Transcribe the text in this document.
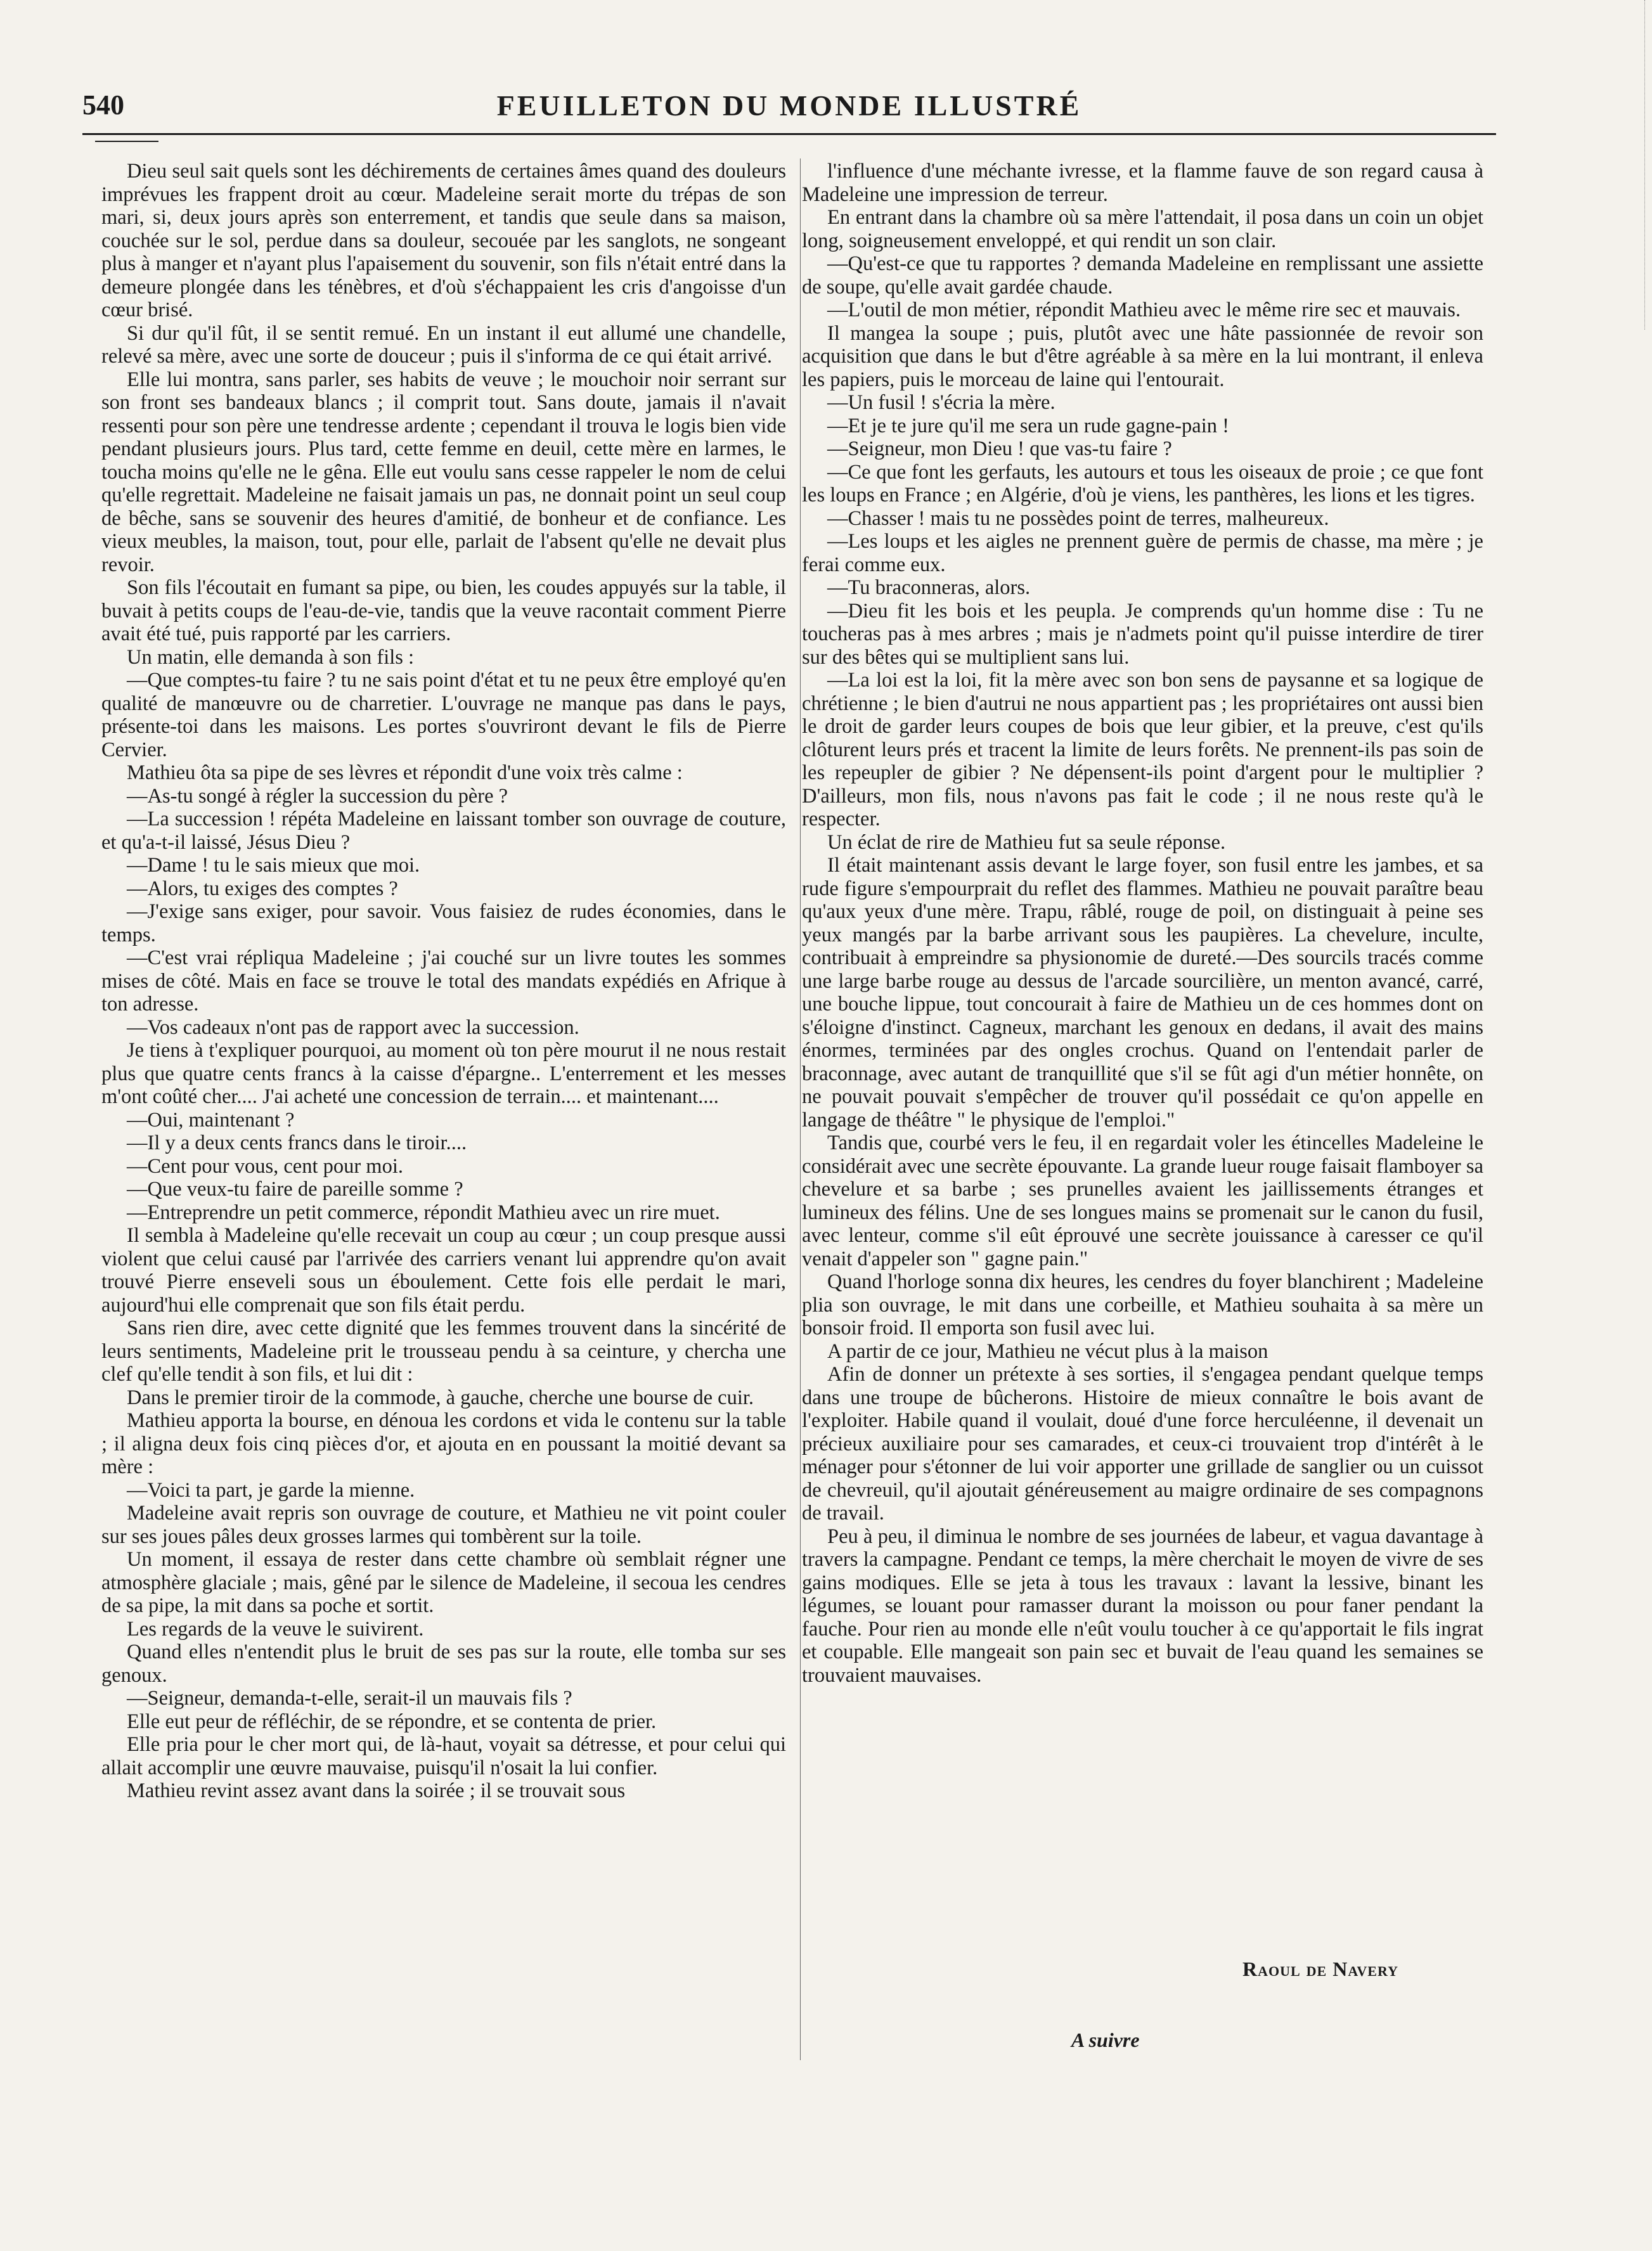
540	FEUILLETON DU MONDE ILLUSTRÉ

Dieu seul sait quels sont les déchirements de certaines âmes quand des douleurs imprévues les frappent droit au cœur. Madeleine serait morte du trépas de son mari, si, deux jours après son enterrement, et tandis que seule dans sa maison, couchée sur le sol, perdue dans sa douleur, secouée par les sanglots, ne songeant plus à manger et n'ayant plus l'apaisement du souvenir, son fils n'était entré dans la demeure plongée dans les ténèbres, et d'où s'échappaient les cris d'angoisse d'un cœur brisé.

Si dur qu'il fût, il se sentit remué. En un instant il eut allumé une chandelle, relevé sa mère, avec une sorte de douceur ; puis il s'informa de ce qui était arrivé.

Elle lui montra, sans parler, ses habits de veuve ; le mouchoir noir serrant sur son front ses bandeaux blancs ; il comprit tout. Sans doute, jamais il n'avait ressenti pour son père une tendresse ardente ; cependant il trouva le logis bien vide pendant plusieurs jours. Plus tard, cette femme en deuil, cette mère en larmes, le toucha moins qu'elle ne le gêna. Elle eut voulu sans cesse rappeler le nom de celui qu'elle regrettait. Madeleine ne faisait jamais un pas, ne donnait point un seul coup de bêche, sans se souvenir des heures d'amitié, de bonheur et de confiance. Les vieux meubles, la maison, tout, pour elle, parlait de l'absent qu'elle ne devait plus revoir.

Son fils l'écoutait en fumant sa pipe, ou bien, les coudes appuyés sur la table, il buvait à petits coups de l'eau-de-vie, tandis que la veuve racontait comment Pierre avait été tué, puis rapporté par les carriers.

Un matin, elle demanda à son fils :

—Que comptes-tu faire ? tu ne sais point d'état et tu ne peux être employé qu'en qualité de manœuvre ou de charretier. L'ouvrage ne manque pas dans le pays, présente-toi dans les maisons. Les portes s'ouvriront devant le fils de Pierre Cervier.

Mathieu ôta sa pipe de ses lèvres et répondit d'une voix très calme :

—As-tu songé à régler la succession du père ?

—La succession ! répéta Madeleine en laissant tomber son ouvrage de couture, et qu'a-t-il laissé, Jésus Dieu ?

—Dame ! tu le sais mieux que moi.

—Alors, tu exiges des comptes ?

—J'exige sans exiger, pour savoir. Vous faisiez de rudes économies, dans le temps.

—C'est vrai répliqua Madeleine ; j'ai couché sur un livre toutes les sommes mises de côté. Mais en face se trouve le total des mandats expédiés en Afrique à ton adresse.

—Vos cadeaux n'ont pas de rapport avec la succession.

Je tiens à t'expliquer pourquoi, au moment où ton père mourut il ne nous restait plus que quatre cents francs à la caisse d'épargne.. L'enterrement et les messes m'ont coûté cher.... J'ai acheté une concession de terrain.... et maintenant....

—Oui, maintenant ?

—Il y a deux cents francs dans le tiroir....

—Cent pour vous, cent pour moi.

—Que veux-tu faire de pareille somme ?

—Entreprendre un petit commerce, répondit Mathieu avec un rire muet.

Il sembla à Madeleine qu'elle recevait un coup au cœur ; un coup presque aussi violent que celui causé par l'arrivée des carriers venant lui apprendre qu'on avait trouvé Pierre enseveli sous un éboulement. Cette fois elle perdait le mari, aujourd'hui elle comprenait que son fils était perdu.

Sans rien dire, avec cette dignité que les femmes trouvent dans la sincérité de leurs sentiments, Madeleine prit le trousseau pendu à sa ceinture, y chercha une clef qu'elle tendit à son fils, et lui dit :

Dans le premier tiroir de la commode, à gauche, cherche une bourse de cuir.

Mathieu apporta la bourse, en dénoua les cordons et vida le contenu sur la table ; il aligna deux fois cinq pièces d'or, et ajouta en en poussant la moitié devant sa mère :

—Voici ta part, je garde la mienne.

Madeleine avait repris son ouvrage de couture, et Mathieu ne vit point couler sur ses joues pâles deux grosses larmes qui tombèrent sur la toile.

Un moment, il essaya de rester dans cette chambre où semblait régner une atmosphère glaciale ; mais, gêné par le silence de Madeleine, il secoua les cendres de sa pipe, la mit dans sa poche et sortit.

Les regards de la veuve le suivirent.

Quand elles n'entendit plus le bruit de ses pas sur la route, elle tomba sur ses genoux.

—Seigneur, demanda-t-elle, serait-il un mauvais fils ?

Elle eut peur de réfléchir, de se répondre, et se contenta de prier.

Elle pria pour le cher mort qui, de là-haut, voyait sa détresse, et pour celui qui allait accomplir une œuvre mauvaise, puisqu'il n'osait la lui confier.

Mathieu revint assez avant dans la soirée ; il se trouvait sous

l'influence d'une méchante ivresse, et la flamme fauve de son regard causa à Madeleine une impression de terreur.

En entrant dans la chambre où sa mère l'attendait, il posa dans un coin un objet long, soigneusement enveloppé, et qui rendit un son clair.

—Qu'est-ce que tu rapportes ? demanda Madeleine en remplissant une assiette de soupe, qu'elle avait gardée chaude.

—L'outil de mon métier, répondit Mathieu avec le même rire sec et mauvais.

Il mangea la soupe ; puis, plutôt avec une hâte passionnée de revoir son acquisition que dans le but d'être agréable à sa mère en la lui montrant, il enleva les papiers, puis le morceau de laine qui l'entourait.

—Un fusil ! s'écria la mère.

—Et je te jure qu'il me sera un rude gagne-pain !

—Seigneur, mon Dieu ! que vas-tu faire ?

—Ce que font les gerfauts, les autours et tous les oiseaux de proie ; ce que font les loups en France ; en Algérie, d'où je viens, les panthères, les lions et les tigres.

—Chasser ! mais tu ne possèdes point de terres, malheureux.

—Les loups et les aigles ne prennent guère de permis de chasse, ma mère ; je ferai comme eux.

—Tu braconneras, alors.

—Dieu fit les bois et les peupla. Je comprends qu'un homme dise : Tu ne toucheras pas à mes arbres ; mais je n'admets point qu'il puisse interdire de tirer sur des bêtes qui se multiplient sans lui.

—La loi est la loi, fit la mère avec son bon sens de paysanne et sa logique de chrétienne ; le bien d'autrui ne nous appartient pas ; les propriétaires ont aussi bien le droit de garder leurs coupes de bois que leur gibier, et la preuve, c'est qu'ils clôturent leurs prés et tracent la limite de leurs forêts. Ne prennent-ils pas soin de les repeupler de gibier ? Ne dépensent-ils point d'argent pour le multiplier ? D'ailleurs, mon fils, nous n'avons pas fait le code ; il ne nous reste qu'à le respecter.

Un éclat de rire de Mathieu fut sa seule réponse.

Il était maintenant assis devant le large foyer, son fusil entre les jambes, et sa rude figure s'empourprait du reflet des flammes. Mathieu ne pouvait paraître beau qu'aux yeux d'une mère. Trapu, râblé, rouge de poil, on distinguait à peine ses yeux mangés par la barbe arrivant sous les paupières. La chevelure, inculte, contribuait à empreindre sa physionomie de dureté.—Des sourcils tracés comme une large barbe rouge au dessus de l'arcade sourcilière, un menton avancé, carré, une bouche lippue, tout concourait à faire de Mathieu un de ces hommes dont on s'éloigne d'instinct. Cagneux, marchant les genoux en dedans, il avait des mains énormes, terminées par des ongles crochus. Quand on l'entendait parler de braconnage, avec autant de tranquillité que s'il se fût agi d'un métier honnête, on ne pouvait pouvait s'empêcher de trouver qu'il possédait ce qu'on appelle en langage de théâtre " le physique de l'emploi."

Tandis que, courbé vers le feu, il en regardait voler les étincelles Madeleine le considérait avec une secrète épouvante. La grande lueur rouge faisait flamboyer sa chevelure et sa barbe ; ses prunelles avaient les jaillissements étranges et lumineux des félins. Une de ses longues mains se promenait sur le canon du fusil, avec lenteur, comme s'il eût éprouvé une secrète jouissance à caresser ce qu'il venait d'appeler son " gagne pain."

Quand l'horloge sonna dix heures, les cendres du foyer blanchirent ; Madeleine plia son ouvrage, le mit dans une corbeille, et Mathieu souhaita à sa mère un bonsoir froid. Il emporta son fusil avec lui.

A partir de ce jour, Mathieu ne vécut plus à la maison

Afin de donner un prétexte à ses sorties, il s'engagea pendant quelque temps dans une troupe de bûcherons. Histoire de mieux connaître le bois avant de l'exploiter. Habile quand il voulait, doué d'une force herculéenne, il devenait un précieux auxiliaire pour ses camarades, et ceux-ci trouvaient trop d'intérêt à le ménager pour s'étonner de lui voir apporter une grillade de sanglier ou un cuissot de chevreuil, qu'il ajoutait généreusement au maigre ordinaire de ses compagnons de travail.

Peu à peu, il diminua le nombre de ses journées de labeur, et vagua davantage à travers la campagne. Pendant ce temps, la mère cherchait le moyen de vivre de ses gains modiques. Elle se jeta à tous les travaux : lavant la lessive, binant les légumes, se louant pour ramasser durant la moisson ou pour faner pendant la fauche. Pour rien au monde elle n'eût voulu toucher à ce qu'apportait le fils ingrat et coupable. Elle mangeait son pain sec et buvait de l'eau quand les semaines se trouvaient mauvaises.

Raoul de Navery
A suivre
